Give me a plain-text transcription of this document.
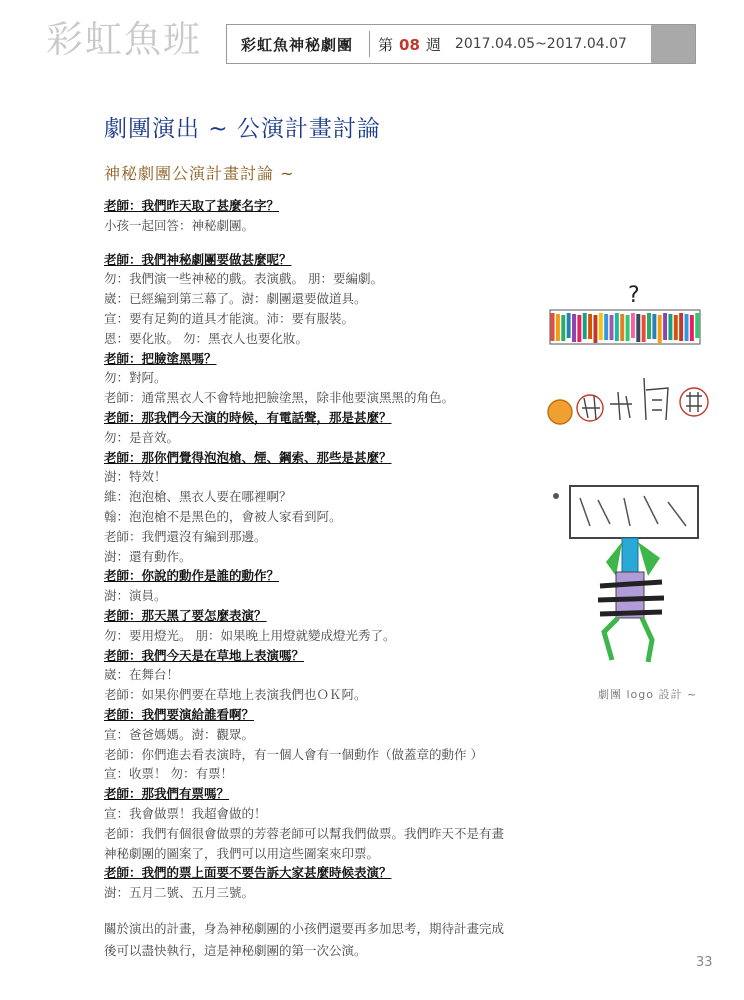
彩虹魚班	彩虹魚神秘劇團	第 08 週	2017.04.05~2017.04.07
劇團演出 ~ 公演計畫討論
神秘劇團公演計畫討論 ~
老師：我們昨天取了甚麼名字？
小孩一起回答：神秘劇團。
老師：我們神秘劇團要做甚麼呢？
勿：我們演一些神秘的戲。表演戲。 朋：要編劇。
崴：已經編到第三幕了。澍：劇團還要做道具。
宣：要有足夠的道具才能演。沛：要有服裝。
恩：要化妝。 勿：黑衣人也要化妝。
老師：把臉塗黑嗎？
勿：對阿。
老師：通常黑衣人不會特地把臉塗黑，除非他要演黑黑的角色。
老師：那我們今天演的時候，有電話聲，那是甚麼？
勿：是音效。
老師：那你們覺得泡泡槍、煙、鋼索、那些是甚麼？
澍：特效！
維：泡泡槍、黑衣人要在哪裡啊？
翰：泡泡槍不是黑色的，會被人家看到阿。
老師：我們還沒有編到那邊。
澍：還有動作。
老師：你說的動作是誰的動作？
澍：演員。
老師：那天黑了要怎麼表演？
勿：要用燈光。 朋：如果晚上用燈就變成燈光秀了。
老師：我們今天是在草地上表演嗎？
崴：在舞台！
老師：如果你們要在草地上表演我們也ＯＫ阿。
老師：我們要演給誰看啊？
宣：爸爸媽媽。澍：觀眾。
老師：你們進去看表演時，有一個人會有一個動作（做蓋章的動作 ）
宣：收票！ 勿：有票！
老師：那我們有票嗎？
宣：我會做票！我超會做的！
老師：我們有個很會做票的芳蓉老師可以幫我們做票。我們昨天不是有畫
神秘劇團的圖案了，我們可以用這些圖案來印票。
老師：我們的票上面要不要告訴大家甚麼時候表演？
澍：五月二號、五月三號。
關於演出的計畫，身為神秘劇團的小孩們還要再多加思考，期待計畫完成
後可以盡快執行，這是神秘劇團的第一次公演。
?
劇團 logo 設計 ~
33
